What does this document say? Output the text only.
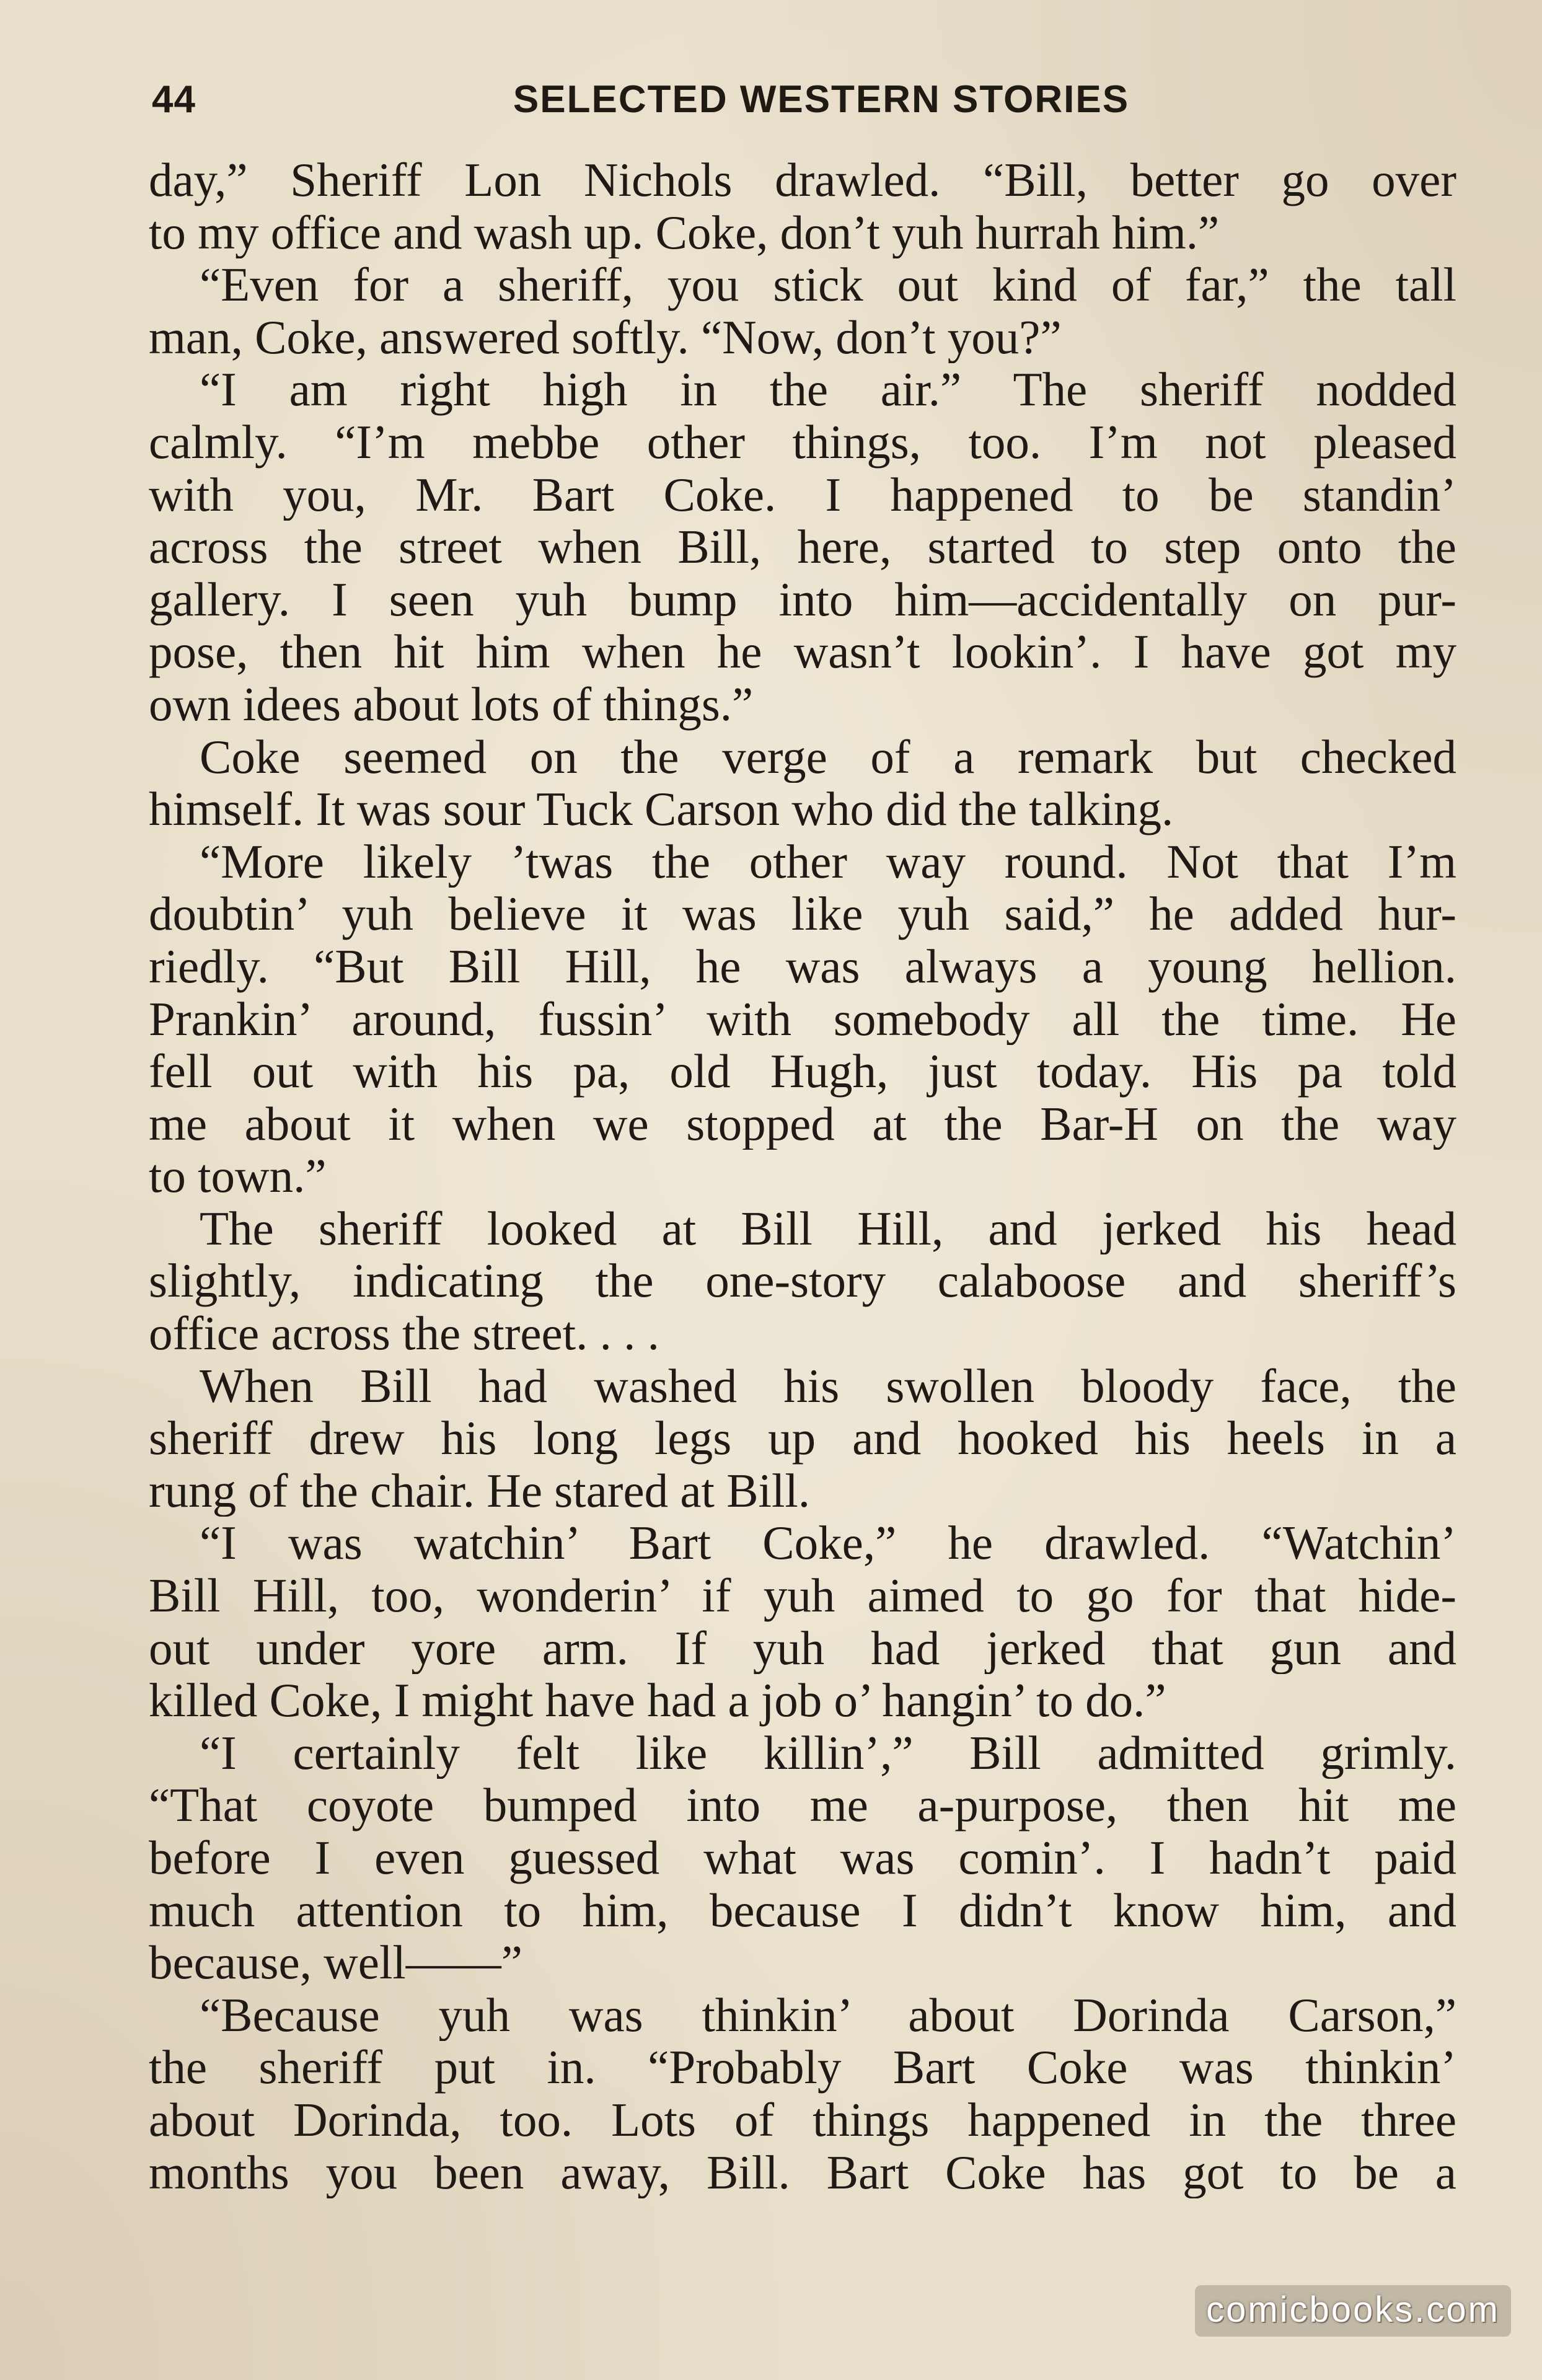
44	SELECTED WESTERN STORIES
day,” Sheriff Lon Nichols drawled. “Bill, better go over
to my office and wash up. Coke, don’t yuh hurrah him.”
“Even for a sheriff, you stick out kind of far,” the tall
man, Coke, answered softly. “Now, don’t you?”
“I am right high in the air.” The sheriff nodded
calmly. “I’m mebbe other things, too. I’m not pleased
with you, Mr. Bart Coke. I happened to be standin’
across the street when Bill, here, started to step onto the
gallery. I seen yuh bump into him—accidentally on pur-
pose, then hit him when he wasn’t lookin’. I have got my
own idees about lots of things.”
Coke seemed on the verge of a remark but checked
himself. It was sour Tuck Carson who did the talking.
“More likely ’twas the other way round. Not that I’m
doubtin’ yuh believe it was like yuh said,” he added hur-
riedly. “But Bill Hill, he was always a young hellion.
Prankin’ around, fussin’ with somebody all the time. He
fell out with his pa, old Hugh, just today. His pa told
me about it when we stopped at the Bar-H on the way
to town.”
The sheriff looked at Bill Hill, and jerked his head
slightly, indicating the one-story calaboose and sheriff’s
office across the street. . . .
When Bill had washed his swollen bloody face, the
sheriff drew his long legs up and hooked his heels in a
rung of the chair. He stared at Bill.
“I was watchin’ Bart Coke,” he drawled. “Watchin’
Bill Hill, too, wonderin’ if yuh aimed to go for that hide-
out under yore arm. If yuh had jerked that gun and
killed Coke, I might have had a job o’ hangin’ to do.”
“I certainly felt like killin’,” Bill admitted grimly.
“That coyote bumped into me a-purpose, then hit me
before I even guessed what was comin’. I hadn’t paid
much attention to him, because I didn’t know him, and
because, well——”
“Because yuh was thinkin’ about Dorinda Carson,”
the sheriff put in. “Probably Bart Coke was thinkin’
about Dorinda, too. Lots of things happened in the three
months you been away, Bill. Bart Coke has got to be a
comicbooks.com
